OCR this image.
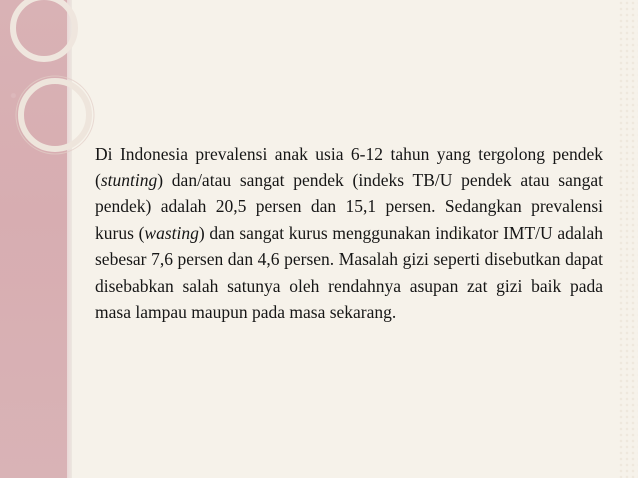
Di Indonesia prevalensi anak usia 6-12 tahun yang tergolong pendek (stunting) dan/atau sangat pendek (indeks TB/U pendek atau sangat pendek) adalah 20,5 persen dan 15,1 persen. Sedangkan prevalensi kurus (wasting) dan sangat kurus menggunakan indikator IMT/U adalah sebesar 7,6 persen dan 4,6 persen. Masalah gizi seperti disebutkan dapat disebabkan salah satunya oleh rendahnya asupan zat gizi baik pada masa lampau maupun pada masa sekarang.
